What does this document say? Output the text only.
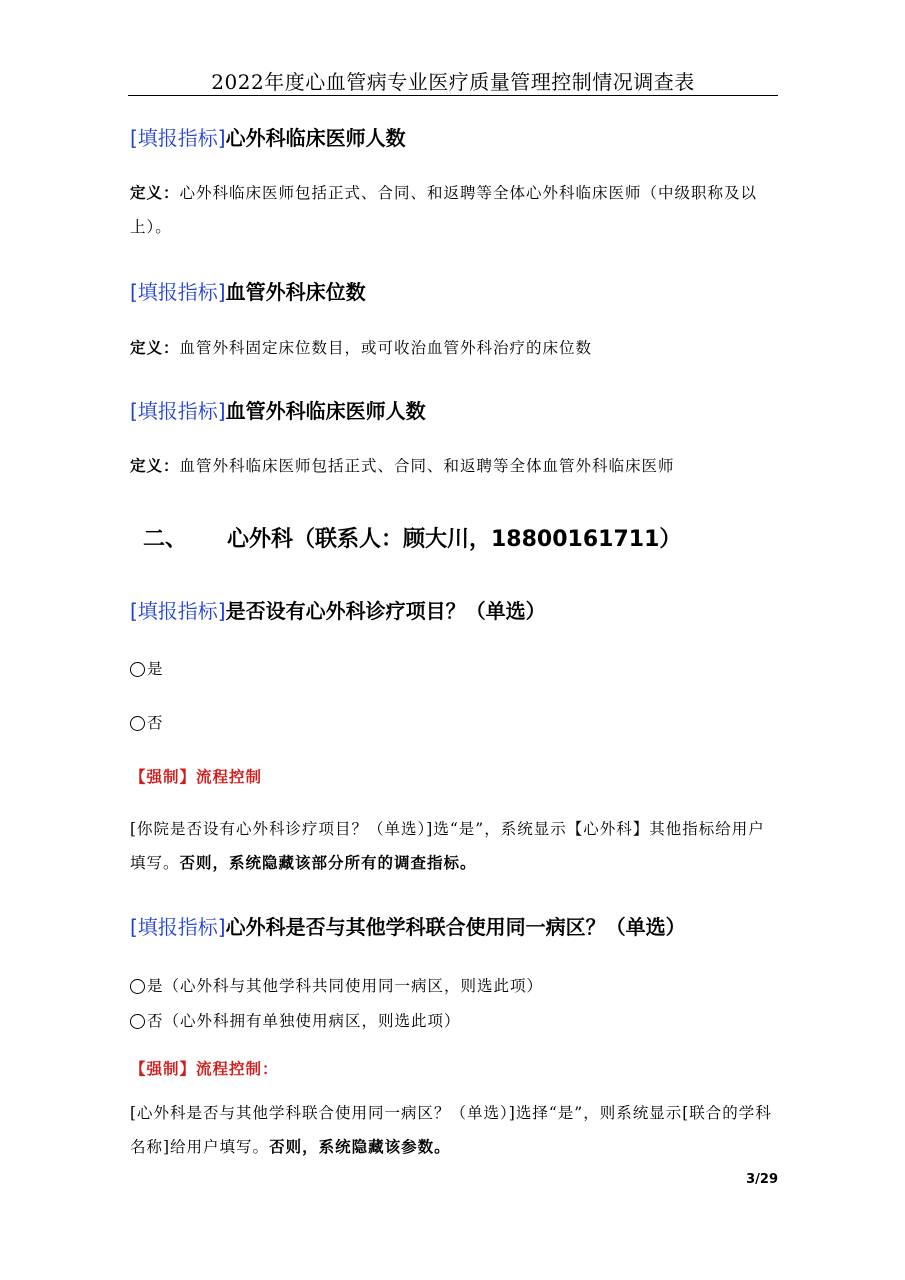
2022年度心血管病专业医疗质量管理控制情况调查表
[填报指标]心外科临床医师人数
定义：心外科临床医师包括正式、合同、和返聘等全体心外科临床医师（中级职称及以上）。
[填报指标]血管外科床位数
定义：血管外科固定床位数目，或可收治血管外科治疗的床位数
[填报指标]血管外科临床医师人数
定义：血管外科临床医师包括正式、合同、和返聘等全体血管外科临床医师
二、 心外科（联系人：顾大川，18800161711）
[填报指标]是否设有心外科诊疗项目？（单选）
是
否
【强制】流程控制
[你院是否设有心外科诊疗项目？（单选）]选“是”，系统显示【心外科】其他指标给用户填写。否则，系统隐藏该部分所有的调查指标。
[填报指标]心外科是否与其他学科联合使用同一病区？（单选）
是（心外科与其他学科共同使用同一病区，则选此项）
否（心外科拥有单独使用病区，则选此项）
【强制】流程控制：
[心外科是否与其他学科联合使用同一病区？（单选）]选择“是”，则系统显示[联合的学科名称]给用户填写。否则，系统隐藏该参数。
3/29
